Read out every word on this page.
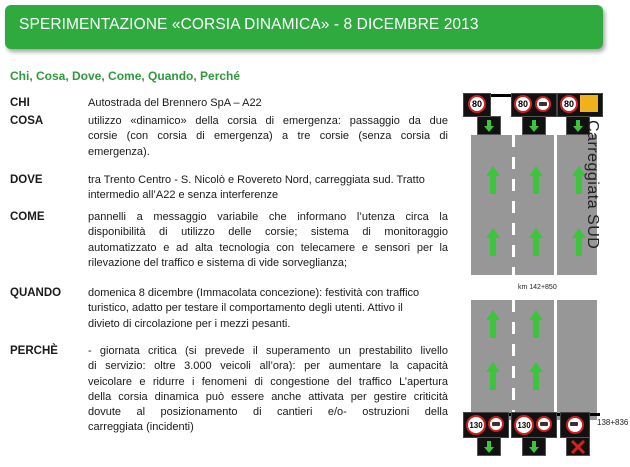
SPERIMENTAZIONE «CORSIA DINAMICA» - 8 DICEMBRE 2013
Chi, Cosa, Dove, Come, Quando, Perché
CHI	Autostrada del Brennero SpA – A22
COSA	utilizzo «dinamico» della corsia di emergenza: passaggio da due
corsie (con corsia di emergenza) a tre corsie (senza corsia di
emergenza).
DOVE	tra Trento Centro - S. Nicolò e Rovereto Nord, carreggiata sud. Tratto
intermedio all’A22 e senza interferenze
COME	pannelli a messaggio variabile che informano l’utenza circa la
disponibilità di utilizzo delle corsie; sistema di monitoraggio
automatizzato e ad alta tecnologia con telecamere e sensori per la
rilevazione del traffico e sistema di vide sorveglianza;
QUANDO domenica 8 dicembre (Immacolata concezione): festività con traffico
turistico, adatto per testare il comportamento degli utenti. Attivo il
divieto di circolazione per i mezzi pesanti.
PERCHÈ	- giornata critica (si prevede il superamento un prestabilito livello
di servizio: oltre 3.000 veicoli all’ora): per aumentare la capacità
veicolare e ridurre i fenomeni di congestione del traffico L’apertura
della corsia dinamica può essere anche attivata per gestire criticità
dovute al posizionamento di cantieri e/o- ostruzioni della
carreggiata (incidenti)
80	80	80
130	130
Carreggiata SUD
km 142+850
138+836
